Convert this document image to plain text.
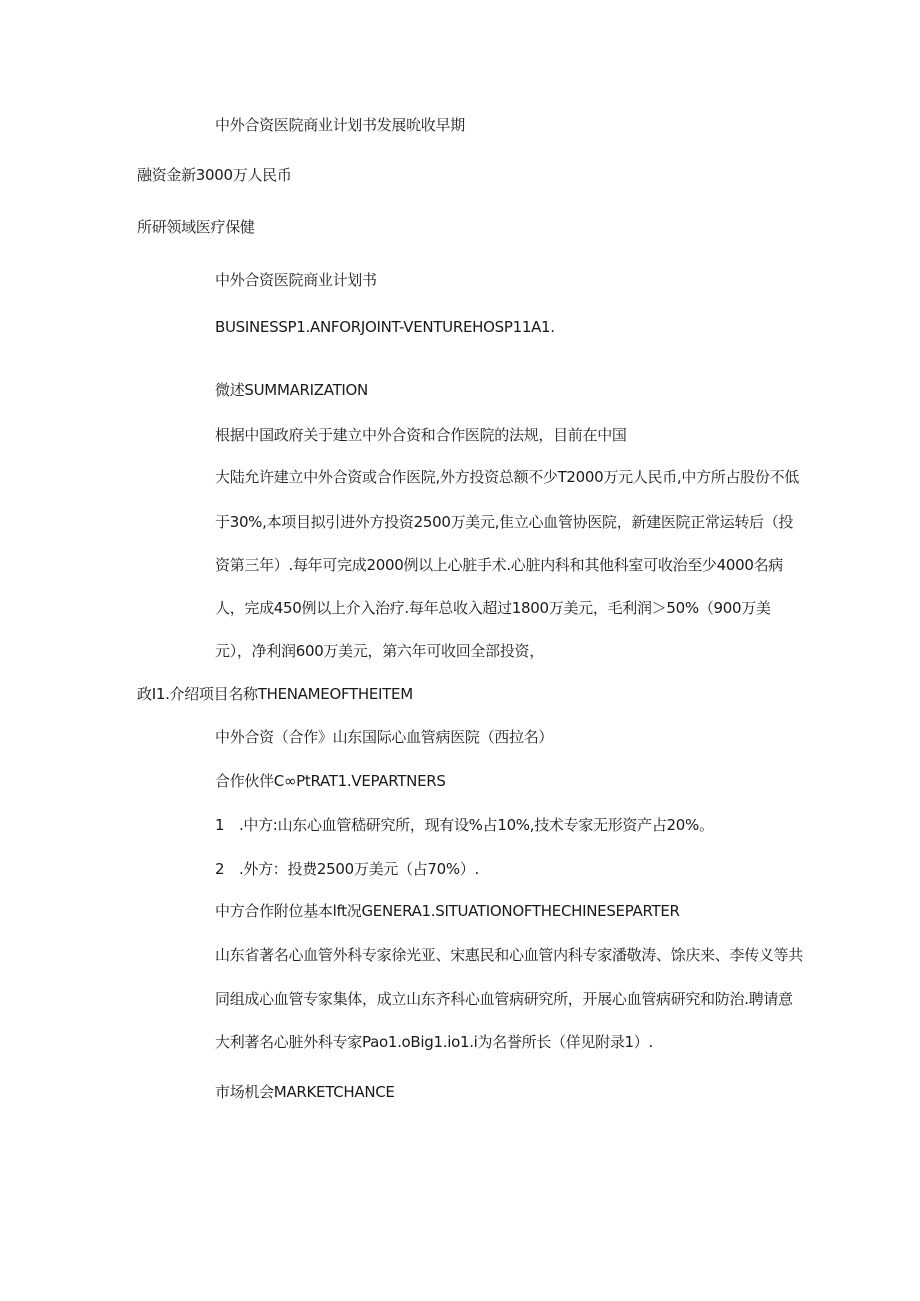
中外合资医院商业计划书发展吮收早期
融资金新3000万人民币
所研领域医疗保健
中外合资医院商业计划书
BUSINESSP1.ANFORJOINT-VENTUREHOSP11A1.
微述SUMMARIZATION
根据中国政府关于建立中外合资和合作医院的法规，目前在中国
大陆允许建立中外合资或合作医院,外方投资总额不少T2000万元人民币,中方所占股份不低
于30%,本项目拟引进外方投资2500万美元,隹立心血管协医院，新建医院正常运转后（投
资第三年）.每年可完成2000例以上心脏手术.心脏内科和其他科室可收治至少4000名病
人，完成450例以上介入治疗.每年总收入超过1800万美元，毛利润＞50%（900万美
元），净利润600万美元，第六年可收回全部投资，
政I1.介绍项目名称THENAMEOFTHEITEM
中外合资（合作》山东国际心血管病医院（西拉名）
合作伙伴C∞PtRAT1.VEPARTNERS
1　.中方:山东心血管嵇研究所，现有设%占10%,技术专家无形资产占20%。
2　.外方：投费2500万美元（占70%）.
中方合作附位基本lft况GENERA1.SITUATIONOFTHECHINESEPARTER
山东省著名心血管外科专家徐光亚、宋惠民和心血管内科专家潘敬涛、馀庆来、李传义等共
同组成心血管专家集体，成立山东齐科心血管病研究所，开展心血管病研究和防治.聘请意
大利著名心脏外科专家Pao1.oBig1.io1.i为名誉所长（佯见附录1）.
市场机会MARKETCHANCE
